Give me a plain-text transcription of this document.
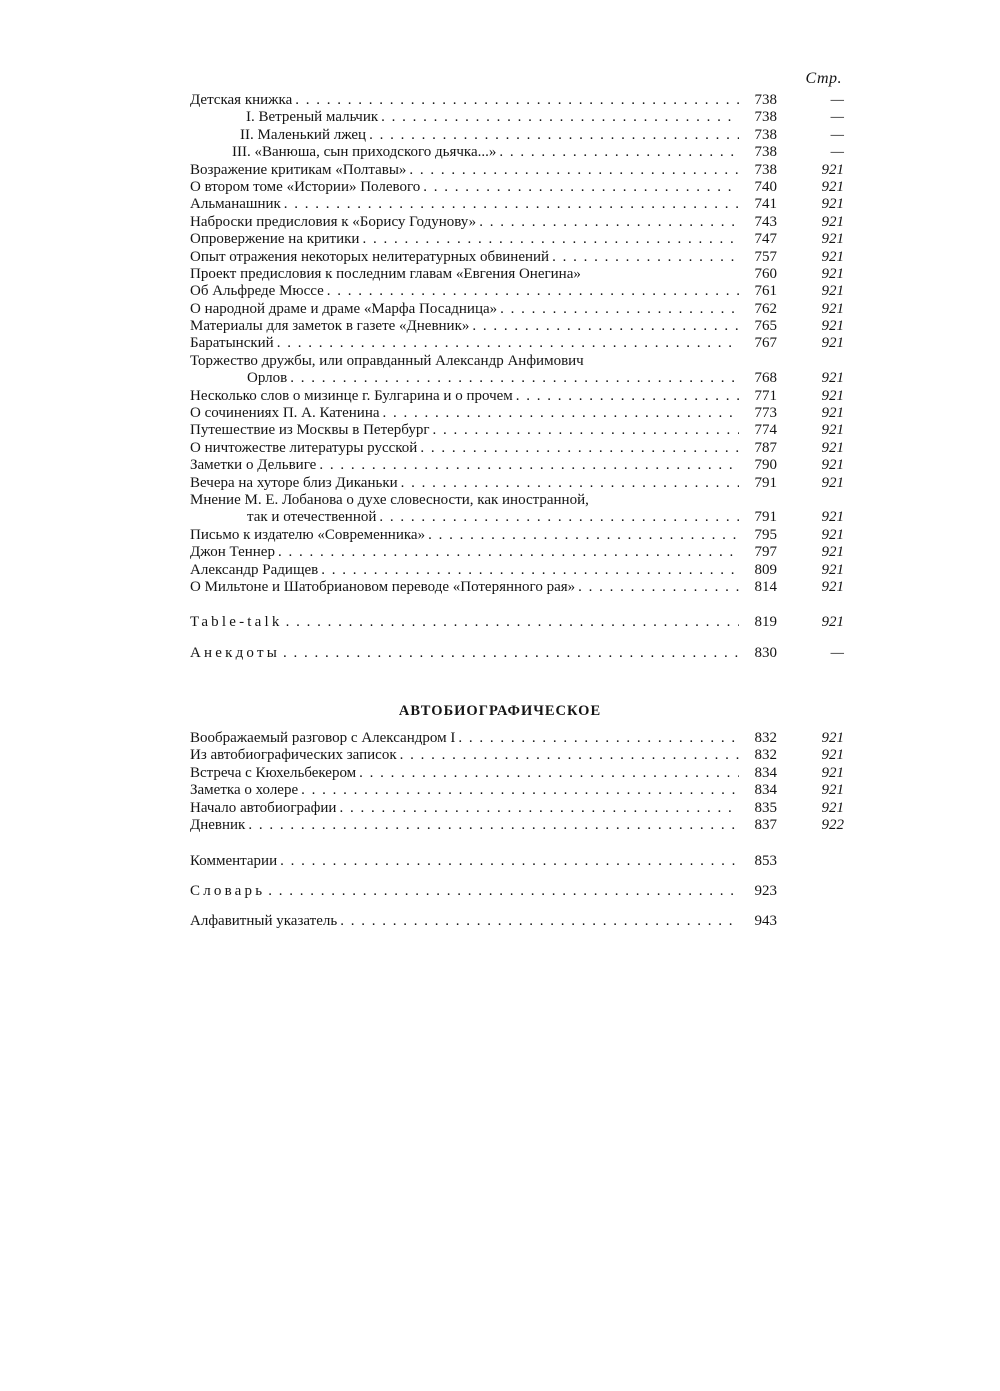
Стр.
Детская книжка . . .	738	—
I. Ветреный мальчик . . .	738	—
II. Маленький лжец . . .	738	—
III. «Ванюша, сын приходского дьячка...» . . .	738	—
Возражение критикам «Полтавы» . . .	738	921
О втором томе «Истории» Полевого . . .	740	921
Альманашник . . .	741	921
Наброски предисловия к «Борису Годунову» . . .	743	921
Опровержение на критики . . .	747	921
Опыт отражения некоторых нелитературных обвинений . . .	757	921
Проект предисловия к последним главам «Евгения Онегина»	760	921
Об Альфреде Мюссе . . .	761	921
О народной драме и драме «Марфа Посадница» . . .	762	921
Материалы для заметок в газете «Дневник» . . .	765	921
Баратынский . . .	767	921
Торжество дружбы, или оправданный Александр Анфимович
Орлов . . .	768	921
Несколько слов о мизинце г. Булгарина и о прочем . . .	771	921
О сочинениях П. А. Катенина . . .	773	921
Путешествие из Москвы в Петербург . . .	774	921
О ничтожестве литературы русской . . .	787	921
Заметки о Дельвиге . . .	790	921
Вечера на хуторе близ Диканьки . . .	791	921
Мнение М. Е. Лобанова о духе словесности, как иностранной,
так и отечественной . . .	791	921
Письмо к издателю «Современника» . . .	795	921
Джон Теннер . . .	797	921
Александр Радищев . . .	809	921
О Мильтоне и Шатобриановом переводе «Потерянного рая» . . .	814	921
Table-talk . . .	819	921
Анекдоты . . .	830	—
АВТОБИОГРАФИЧЕСКОЕ
Воображаемый разговор с Александром I . . .	832	921
Из автобиографических записок . . .	832	921
Встреча с Кюхельбекером . . .	834	921
Заметка о холере . . .	834	921
Начало автобиографии . . .	835	921
Дневник . . .	837	922
Комментарии . . .	853
Словарь . . .	923
Алфавитный указатель . . .	943
